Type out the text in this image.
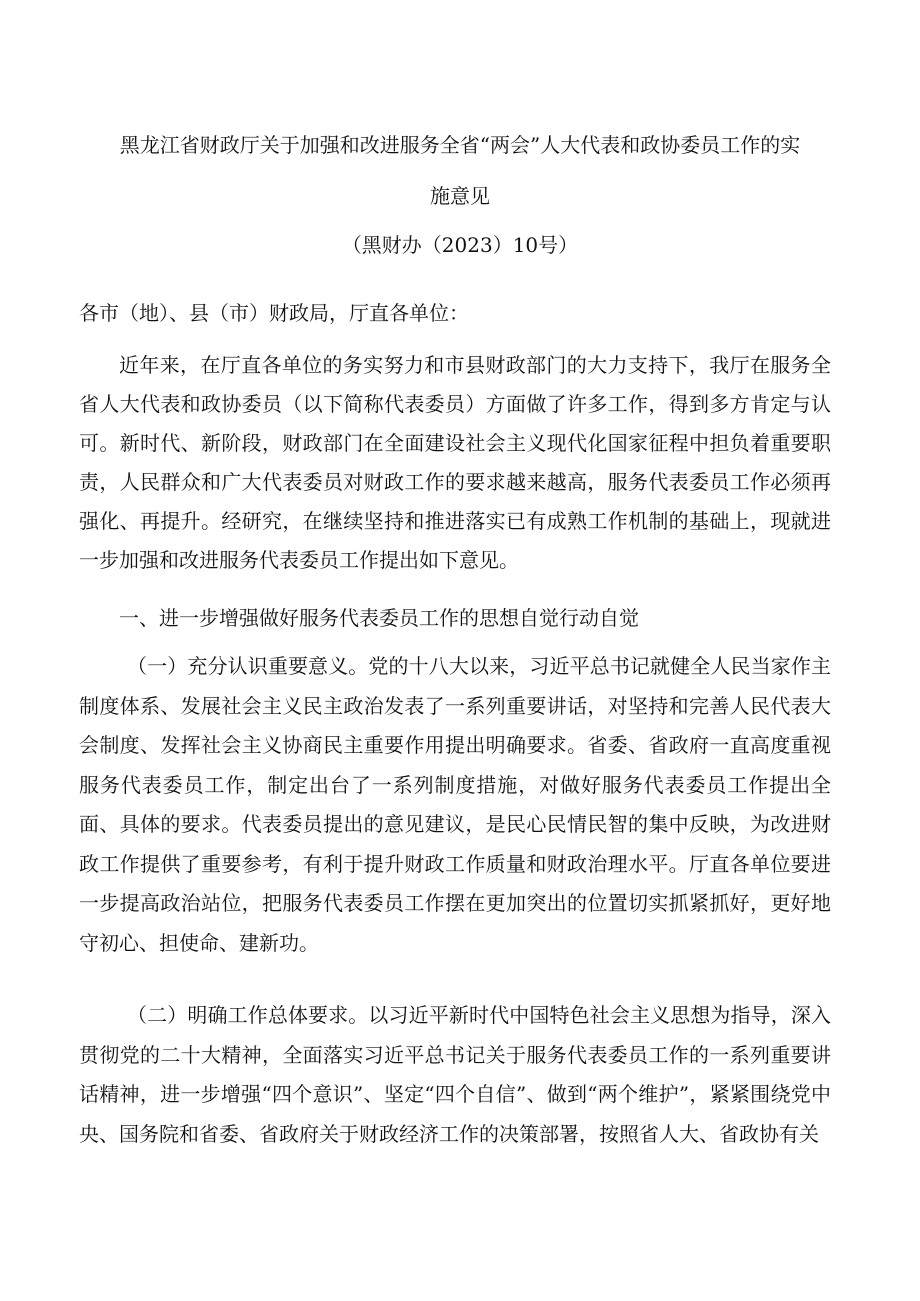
黑龙江省财政厅关于加强和改进服务全省“两会”人大代表和政协委员工作的实
施意见
（黑财办（2023）10号）
各市（地）、县（市）财政局，厅直各单位：

近年来，在厅直各单位的务实努力和市县财政部门的大力支持下，我厅在服务全省人大代表和政协委员（以下简称代表委员）方面做了许多工作，得到多方肯定与认可。新时代、新阶段，财政部门在全面建设社会主义现代化国家征程中担负着重要职责，人民群众和广大代表委员对财政工作的要求越来越高，服务代表委员工作必须再强化、再提升。经研究，在继续坚持和推进落实已有成熟工作机制的基础上，现就进一步加强和改进服务代表委员工作提出如下意见。

一、进一步增强做好服务代表委员工作的思想自觉行动自觉

（一）充分认识重要意义。党的十八大以来，习近平总书记就健全人民当家作主制度体系、发展社会主义民主政治发表了一系列重要讲话，对坚持和完善人民代表大会制度、发挥社会主义协商民主重要作用提出明确要求。省委、省政府一直高度重视服务代表委员工作，制定出台了一系列制度措施，对做好服务代表委员工作提出全面、具体的要求。代表委员提出的意见建议，是民心民情民智的集中反映，为改进财政工作提供了重要参考，有利于提升财政工作质量和财政治理水平。厅直各单位要进一步提高政治站位，把服务代表委员工作摆在更加突出的位置切实抓紧抓好，更好地守初心、担使命、建新功。

（二）明确工作总体要求。以习近平新时代中国特色社会主义思想为指导，深入贯彻党的二十大精神，全面落实习近平总书记关于服务代表委员工作的一系列重要讲话精神，进一步增强“四个意识”、坚定“四个自信”、做到“两个维护”，紧紧围绕党中央、国务院和省委、省政府关于财政经济工作的决策部署，按照省人大、省政协有关
